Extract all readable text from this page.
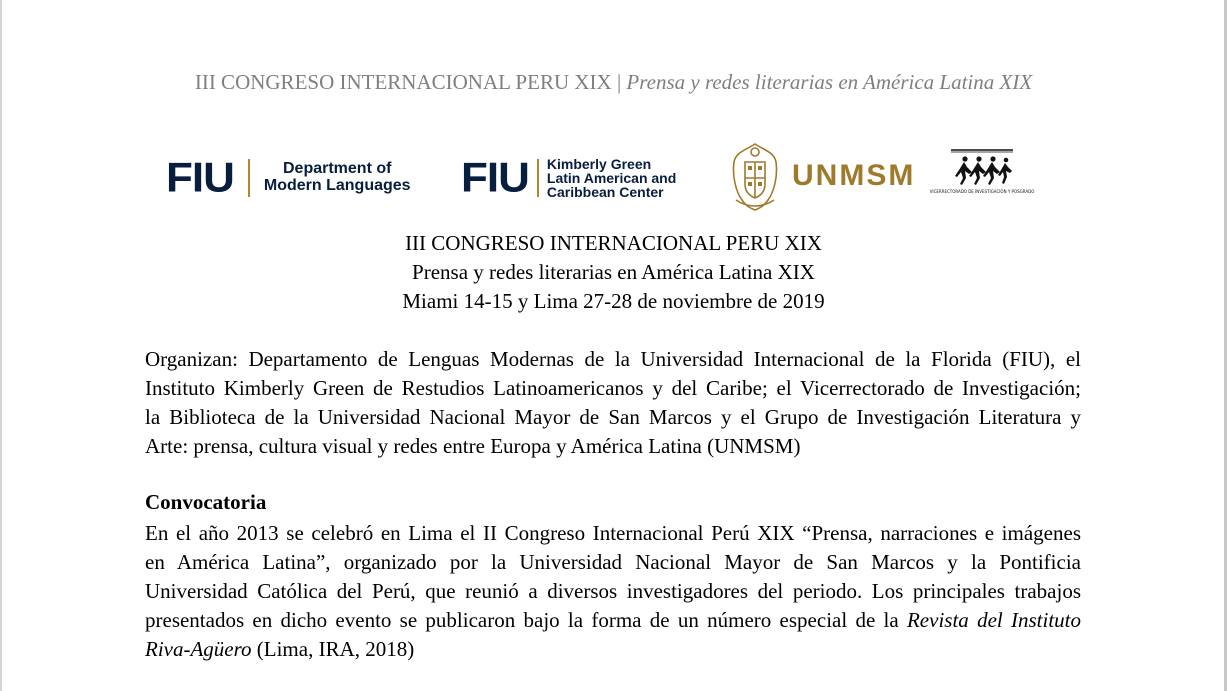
III CONGRESO INTERNACIONAL PERU XIX | Prensa y redes literarias en América Latina XIX
FIU	Department of
Modern Languages FIU Kimberly Green
Latin American and
Caribbean Center	UNMSM	VICERRECTORADO DE INVESTIGACIÓN Y POSGRADO
III CONGRESO INTERNACIONAL PERU XIX
Prensa y redes literarias en América Latina XIX
Miami 14-15 y Lima 27-28 de noviembre de 2019
Organizan: Departamento de Lenguas Modernas de la Universidad Internacional de la Florida (FIU), el
Instituto Kimberly Green de Restudios Latinoamericanos y del Caribe; el Vicerrectorado de Investigación;
la Biblioteca de la Universidad Nacional Mayor de San Marcos y el Grupo de Investigación Literatura y
Arte: prensa, cultura visual y redes entre Europa y América Latina (UNMSM)
Convocatoria
En el año 2013 se celebró en Lima el II Congreso Internacional Perú XIX “Prensa, narraciones e imágenes
en América Latina”, organizado por la Universidad Nacional Mayor de San Marcos y la Pontificia
Universidad Católica del Perú, que reunió a diversos investigadores del periodo. Los principales trabajos
presentados en dicho evento se publicaron bajo la forma de un número especial de la Revista del Instituto
Riva-Agüero (Lima, IRA, 2018)
